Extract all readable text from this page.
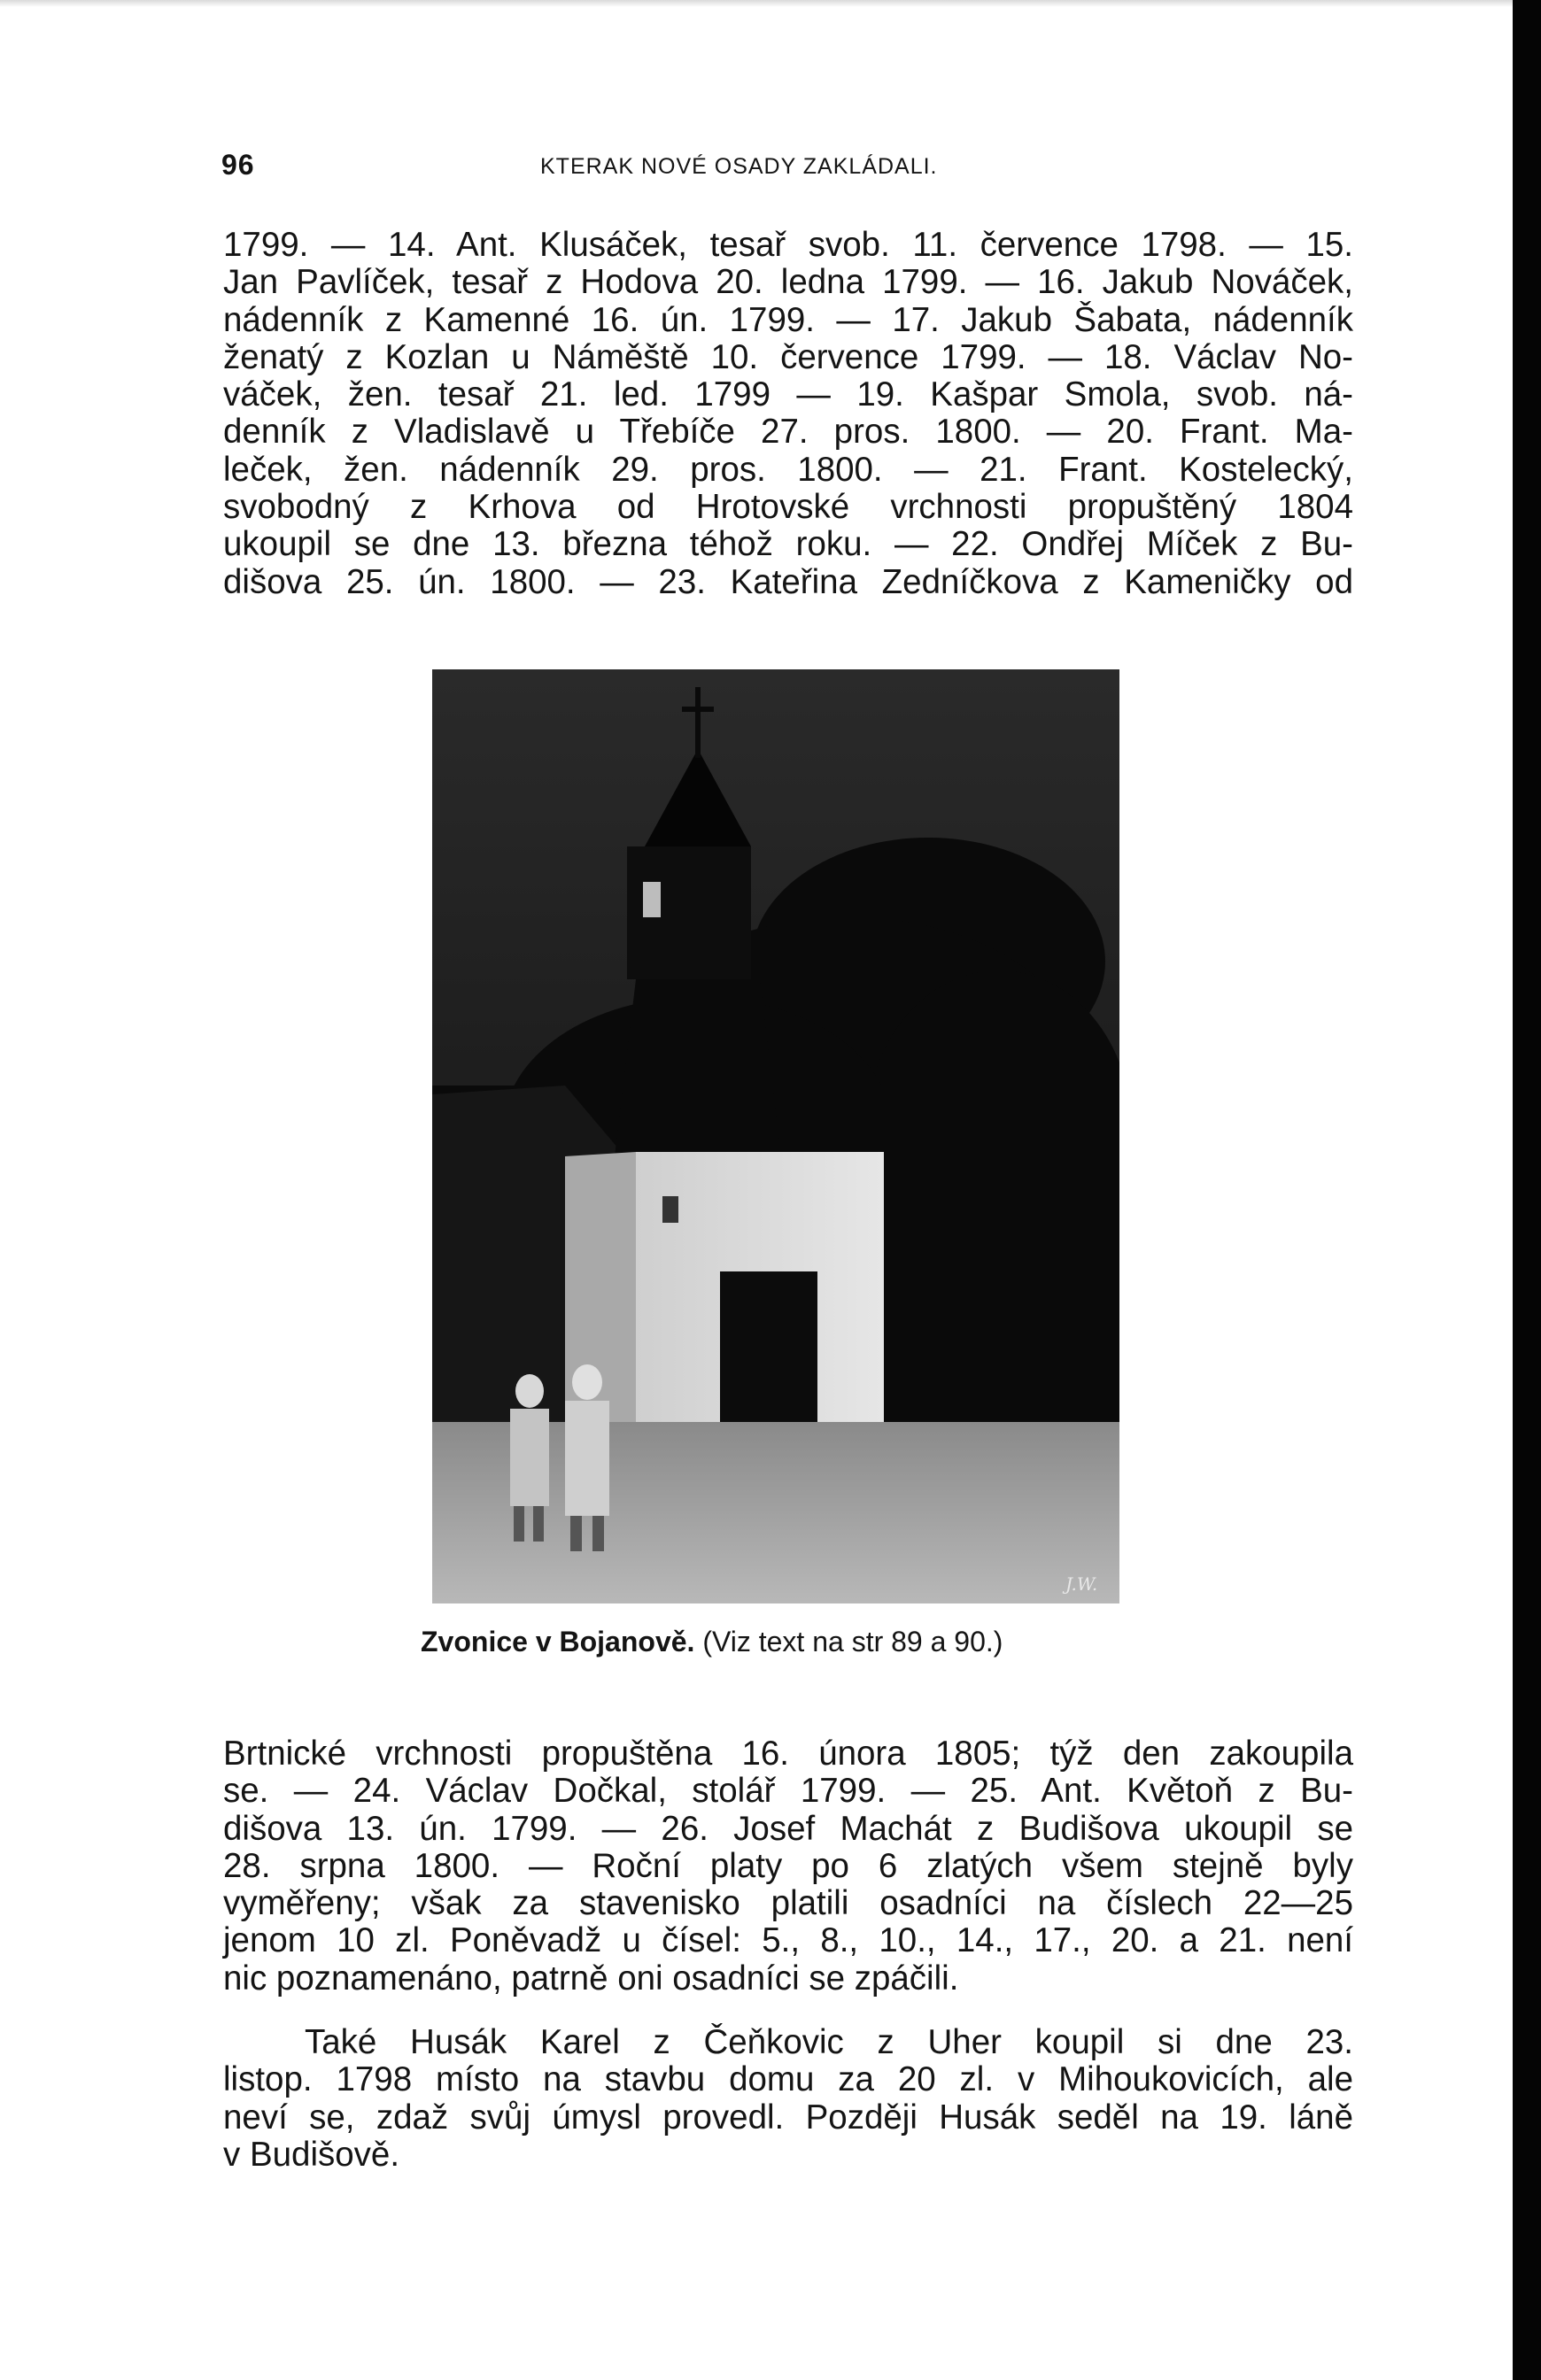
96	KTERAK NOVÉ OSADY ZAKLÁDALI.

1799. — 14. Ant. Klusáček, tesař svob. 11. července 1798. — 15.

Jan Pavlíček, tesař z Hodova 20. ledna 1799. — 16. Jakub Nováček,

nádenník z Kamenné 16. ún. 1799. — 17. Jakub Šabata, nádenník

ženatý z Kozlan u Náměště 10. července 1799. — 18. Václav No-

váček, žen. tesař 21. led. 1799 — 19. Kašpar Smola, svob. ná-

denník z Vladislavě u Třebíče 27. pros. 1800. — 20. Frant. Ma-

leček, žen. nádenník 29. pros. 1800. — 21. Frant. Kostelecký,

svobodný z Krhova od Hrotovské vrchnosti propuštěný 1804

ukoupil se dne 13. března téhož roku. — 22. Ondřej Míček z Bu-

dišova 25. ún. 1800. — 23. Kateřina Zedníčkova z Kameničky od

J.W.
Zvonice v Bojanově. (Viz text na str 89 a 90.)

Brtnické vrchnosti propuštěna 16. února 1805; týž den zakoupila

se. — 24. Václav Dočkal, stolář 1799. — 25. Ant. Květoň z Bu-

dišova 13. ún. 1799. — 26. Josef Machát z Budišova ukoupil se

28. srpna 1800. — Roční platy po 6 zlatých všem stejně byly

vyměřeny; však za stavenisko platili osadníci na číslech 22—25

jenom 10 zl. Poněvadž u čísel: 5., 8., 10., 14., 17., 20. a 21. není

nic poznamenáno, patrně oni osadníci se zpáčili.

Také Husák Karel z Čeňkovic z Uher koupil si dne 23.

listop. 1798 místo na stavbu domu za 20 zl. v Mihoukovicích, ale

neví se, zdaž svůj úmysl provedl. Později Husák seděl na 19. láně

v Budišově.
